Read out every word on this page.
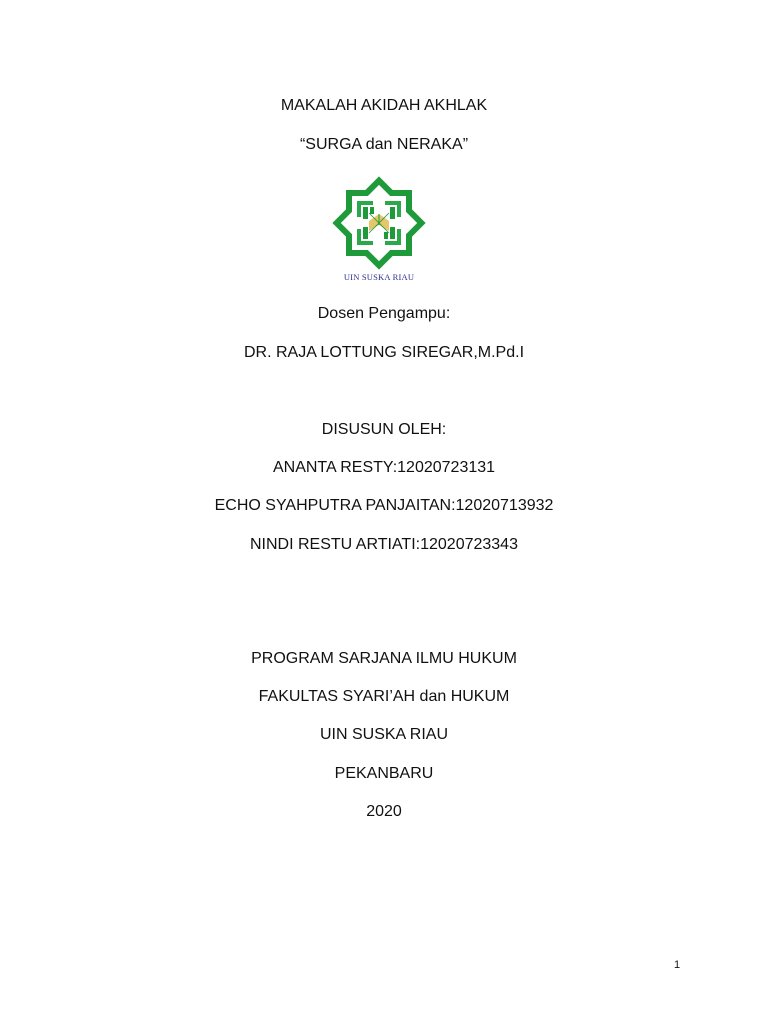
MAKALAH AKIDAH AKHLAK
“SURGA dan NERAKA”
UIN SUSKA RIAU
Dosen Pengampu:
DR. RAJA LOTTUNG SIREGAR,M.Pd.I
DISUSUN OLEH:
ANANTA RESTY:12020723131
ECHO SYAHPUTRA PANJAITAN:12020713932
NINDI RESTU ARTIATI:12020723343
PROGRAM SARJANA ILMU HUKUM
FAKULTAS SYARI’AH dan HUKUM
UIN SUSKA RIAU
PEKANBARU
2020
1
